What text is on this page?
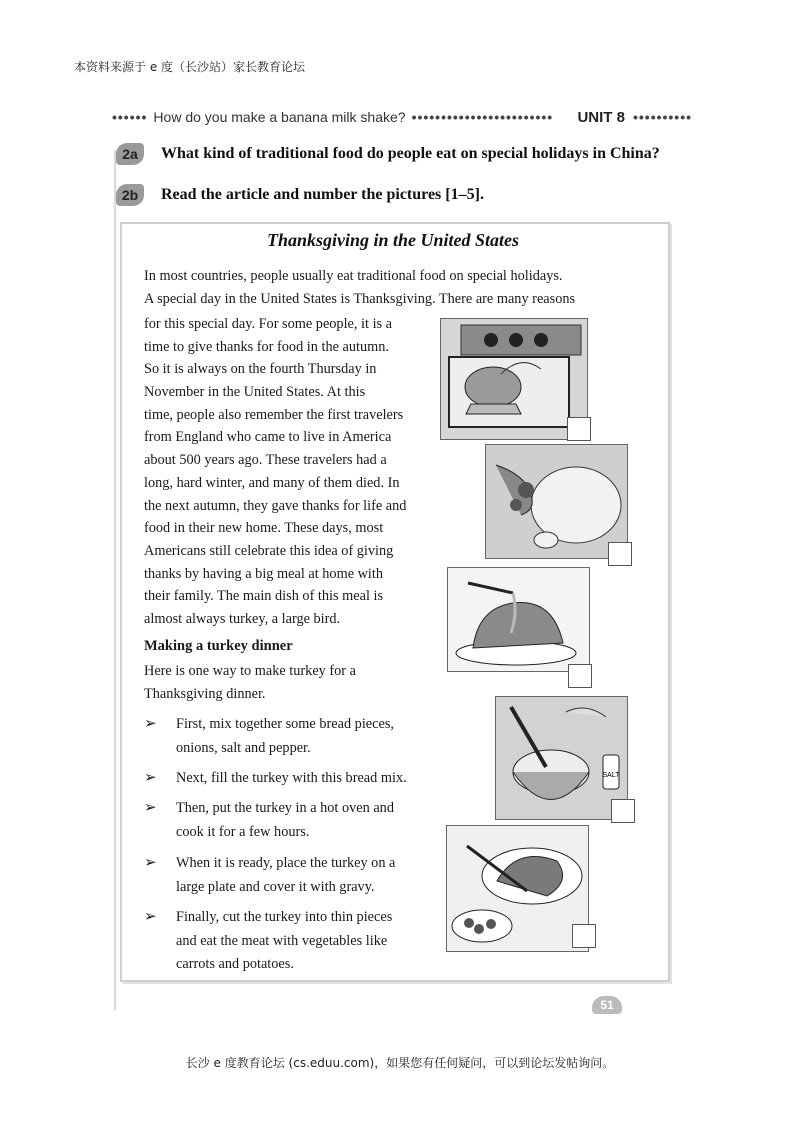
本资料来源于 e 度（长沙站）家长教育论坛
•••••• How do you make a banana milk shake? ••••••••••••••••••••••••	UNIT 8 ••••••••••
2a	What kind of traditional food do people eat on special holidays in China?
2b	Read the article and number the pictures [1–5].
Thanksgiving in the United States
In most countries, people usually eat traditional food on special holidays.
A special day in the United States is Thanksgiving. There are many reasons
for this special day. For some people, it is a
time to give thanks for food in the autumn.
So it is always on the fourth Thursday in
November in the United States. At this
time, people also remember the first travelers
from England who came to live in America
about 500 years ago. These travelers had a
long, hard winter, and many of them died. In
the next autumn, they gave thanks for life and
food in their new home. These days, most
Americans still celebrate this idea of giving
thanks by having a big meal at home with
their family. The main dish of this meal is
almost always turkey, a large bird.
Making a turkey dinner
Here is one way to make turkey for a
Thanksgiving dinner.
➢	First, mix together some bread pieces,
onions, salt and pepper.
➢	Next, fill the turkey with this bread mix.
➢	Then, put the turkey in a hot oven and
cook it for a few hours.
➢	When it is ready, place the turkey on a
large plate and cover it with gravy.
➢	Finally, cut the turkey into thin pieces
and eat the meat with vegetables like
carrots and potatoes.
SALT
51
长沙 e 度教育论坛 (cs.eduu.com)，如果您有任何疑问，可以到论坛发帖询问。
